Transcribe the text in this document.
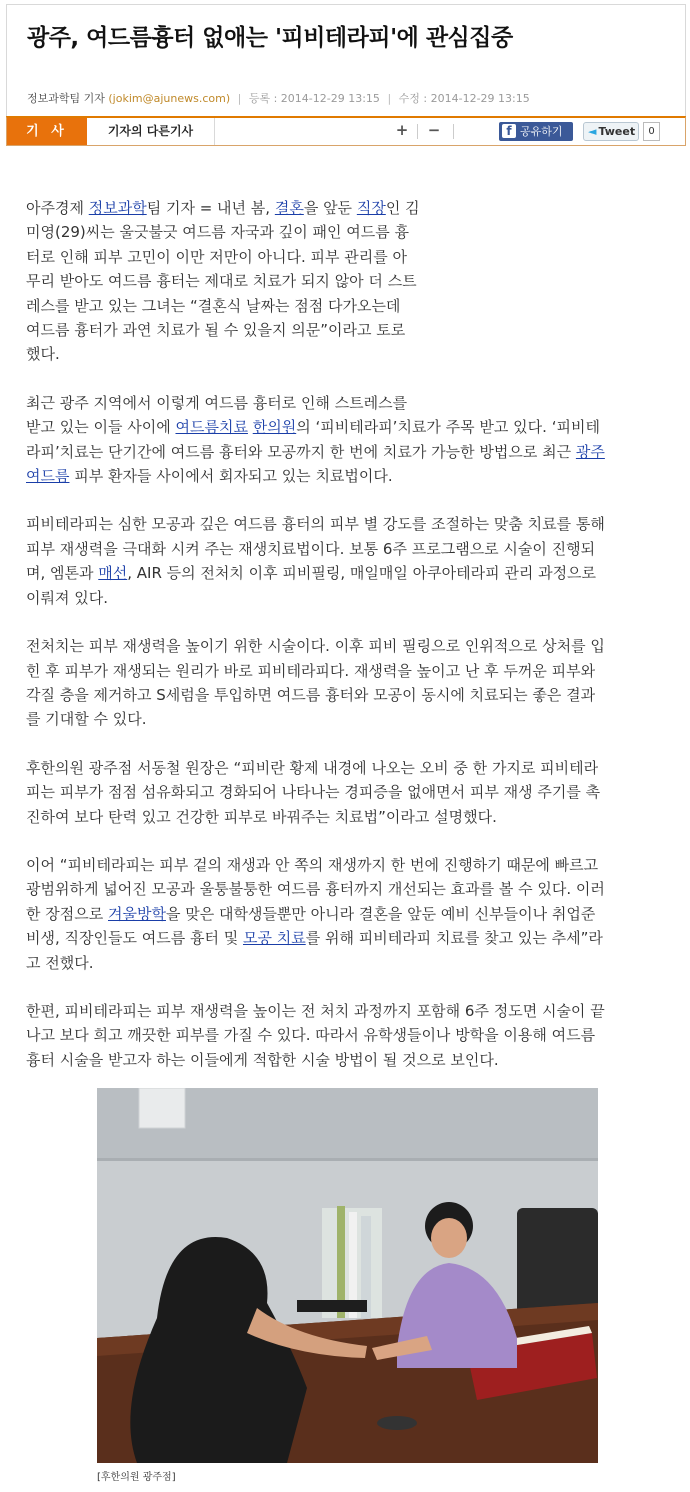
광주, 여드름흉터 없애는 '피비테라피'에 관심집중
정보과학팀 기자 (jokim@ajunews.com) | 등록 : 2014-12-29 13:15 | 수정 : 2014-12-29 13:15
기 사	기자의 다른기사	+	−	f 공유하기	◄ Tweet	0
아주경제 정보과학팀 기자 = 내년 봄, 결혼을 앞둔 직장인 김
미영(29)씨는 울긋불긋 여드름 자국과 깊이 패인 여드름 흉
터로 인해 피부 고민이 이만 저만이 아니다. 피부 관리를 아
무리 받아도 여드름 흉터는 제대로 치료가 되지 않아 더 스트
레스를 받고 있는 그녀는 “결혼식 날짜는 점점 다가오는데
여드름 흉터가 과연 치료가 될 수 있을지 의문”이라고 토로
했다.
최근 광주 지역에서 이렇게 여드름 흉터로 인해 스트레스를
받고 있는 이들 사이에 여드름치료 한의원의 ‘피비테라피’치료가 주목 받고 있다. ‘피비테
라피’치료는 단기간에 여드름 흉터와 모공까지 한 번에 치료가 가능한 방법으로 최근 광주
여드름 피부 환자들 사이에서 회자되고 있는 치료법이다.
피비테라피는 심한 모공과 깊은 여드름 흉터의 피부 별 강도를 조절하는 맞춤 치료를 통해
피부 재생력을 극대화 시켜 주는 재생치료법이다. 보통 6주 프로그램으로 시술이 진행되
며, 엠톤과 매선, AIR 등의 전처치 이후 피비필링, 매일매일 아쿠아테라피 관리 과정으로
이뤄져 있다.
전처치는 피부 재생력을 높이기 위한 시술이다. 이후 피비 필링으로 인위적으로 상처를 입
힌 후 피부가 재생되는 원리가 바로 피비테라피다. 재생력을 높이고 난 후 두꺼운 피부와
각질 층을 제거하고 S세럼을 투입하면 여드름 흉터와 모공이 동시에 치료되는 좋은 결과
를 기대할 수 있다.
후한의원 광주점 서동철 원장은 “피비란 황제 내경에 나오는 오비 중 한 가지로 피비테라
피는 피부가 점점 섬유화되고 경화되어 나타나는 경피증을 없애면서 피부 재생 주기를 촉
진하여 보다 탄력 있고 건강한 피부로 바꿔주는 치료법”이라고 설명했다.
이어 “피비테라피는 피부 겉의 재생과 안 쪽의 재생까지 한 번에 진행하기 때문에 빠르고
광범위하게 넓어진 모공과 울퉁불퉁한 여드름 흉터까지 개선되는 효과를 볼 수 있다. 이러
한 장점으로 겨울방학을 맞은 대학생들뿐만 아니라 결혼을 앞둔 예비 신부들이나 취업준
비생, 직장인들도 여드름 흉터 및 모공 치료를 위해 피비테라피 치료를 찾고 있는 추세”라
고 전했다.
한편, 피비테라피는 피부 재생력을 높이는 전 처치 과정까지 포함해 6주 정도면 시술이 끝
나고 보다 희고 깨끗한 피부를 가질 수 있다. 따라서 유학생들이나 방학을 이용해 여드름
흉터 시술을 받고자 하는 이들에게 적합한 시술 방법이 될 것으로 보인다.
[후한의원 광주점]
